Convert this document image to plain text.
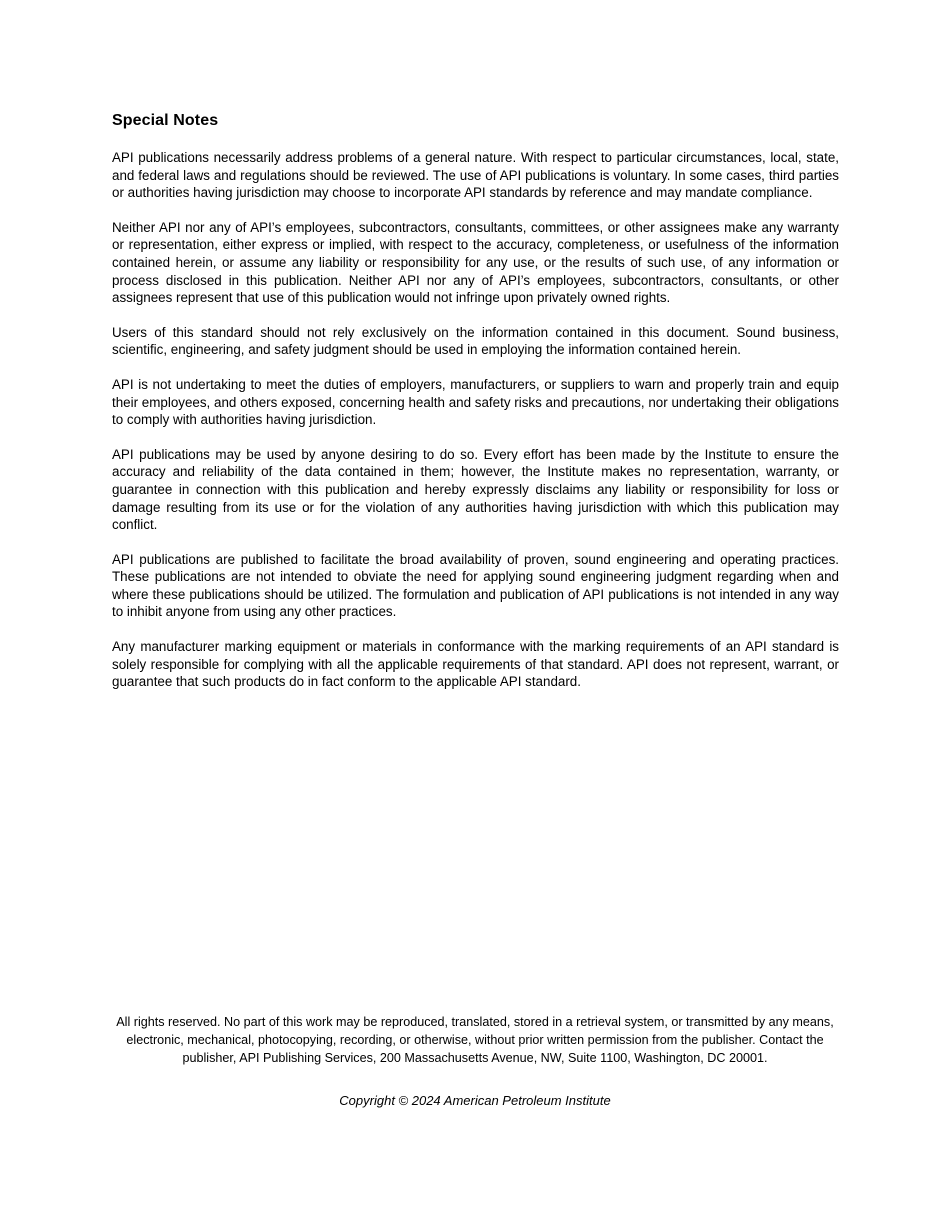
Special Notes

API publications necessarily address problems of a general nature. With respect to particular circumstances, local, state, and federal laws and regulations should be reviewed. The use of API publications is voluntary. In some cases, third parties or authorities having jurisdiction may choose to incorporate API standards by reference and may mandate compliance.

Neither API nor any of API’s employees, subcontractors, consultants, committees, or other assignees make any warranty or representation, either express or implied, with respect to the accuracy, completeness, or usefulness of the information contained herein, or assume any liability or responsibility for any use, or the results of such use, of any information or process disclosed in this publication. Neither API nor any of API’s employees, subcontractors, consultants, or other assignees represent that use of this publication would not infringe upon privately owned rights.

Users of this standard should not rely exclusively on the information contained in this document. Sound business, scientific, engineering, and safety judgment should be used in employing the information contained herein.

API is not undertaking to meet the duties of employers, manufacturers, or suppliers to warn and properly train and equip their employees, and others exposed, concerning health and safety risks and precautions, nor undertaking their obligations to comply with authorities having jurisdiction.

API publications may be used by anyone desiring to do so. Every effort has been made by the Institute to ensure the accuracy and reliability of the data contained in them; however, the Institute makes no representation, warranty, or guarantee in connection with this publication and hereby expressly disclaims any liability or responsibility for loss or damage resulting from its use or for the violation of any authorities having jurisdiction with which this publication may conflict.

API publications are published to facilitate the broad availability of proven, sound engineering and operating practices. These publications are not intended to obviate the need for applying sound engineering judgment regarding when and where these publications should be utilized. The formulation and publication of API publications is not intended in any way to inhibit anyone from using any other practices.

Any manufacturer marking equipment or materials in conformance with the marking requirements of an API standard is solely responsible for complying with all the applicable requirements of that standard. API does not represent, warrant, or guarantee that such products do in fact conform to the applicable API standard.

All rights reserved. No part of this work may be reproduced, translated, stored in a retrieval system, or transmitted by any means, electronic, mechanical, photocopying, recording, or otherwise, without prior written permission from the publisher. Contact the publisher, API Publishing Services, 200 Massachusetts Avenue, NW, Suite 1100, Washington, DC 20001.

Copyright © 2024 American Petroleum Institute
